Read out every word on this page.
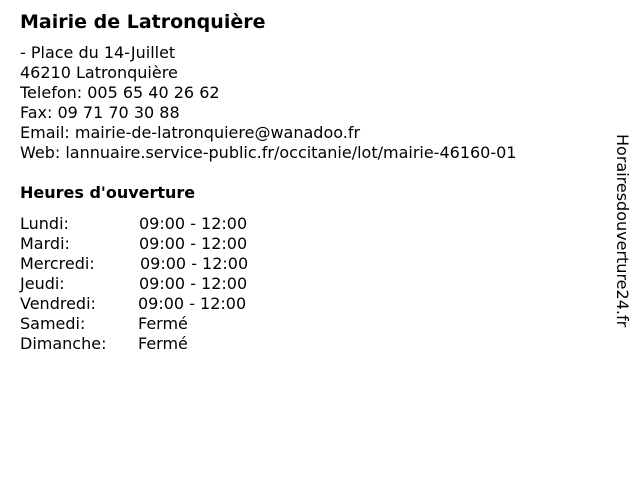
Mairie de Latronquière
- Place du 14-Juillet
46210 Latronquière
Telefon: 005 65 40 26 62
Fax: 09 71 70 30 88
Email: mairie-de-latronquiere@wanadoo.fr
Web: lannuaire.service-public.fr/occitanie/lot/mairie-46160-01
Heures d'ouverture
Lundi:	09:00 - 12:00
Mardi:	09:00 - 12:00
Mercredi:	09:00 - 12:00
Jeudi:	09:00 - 12:00
Vendredi:	09:00 - 12:00
Samedi:	Fermé
Dimanche: Fermé
Horairesdouverture24.fr
